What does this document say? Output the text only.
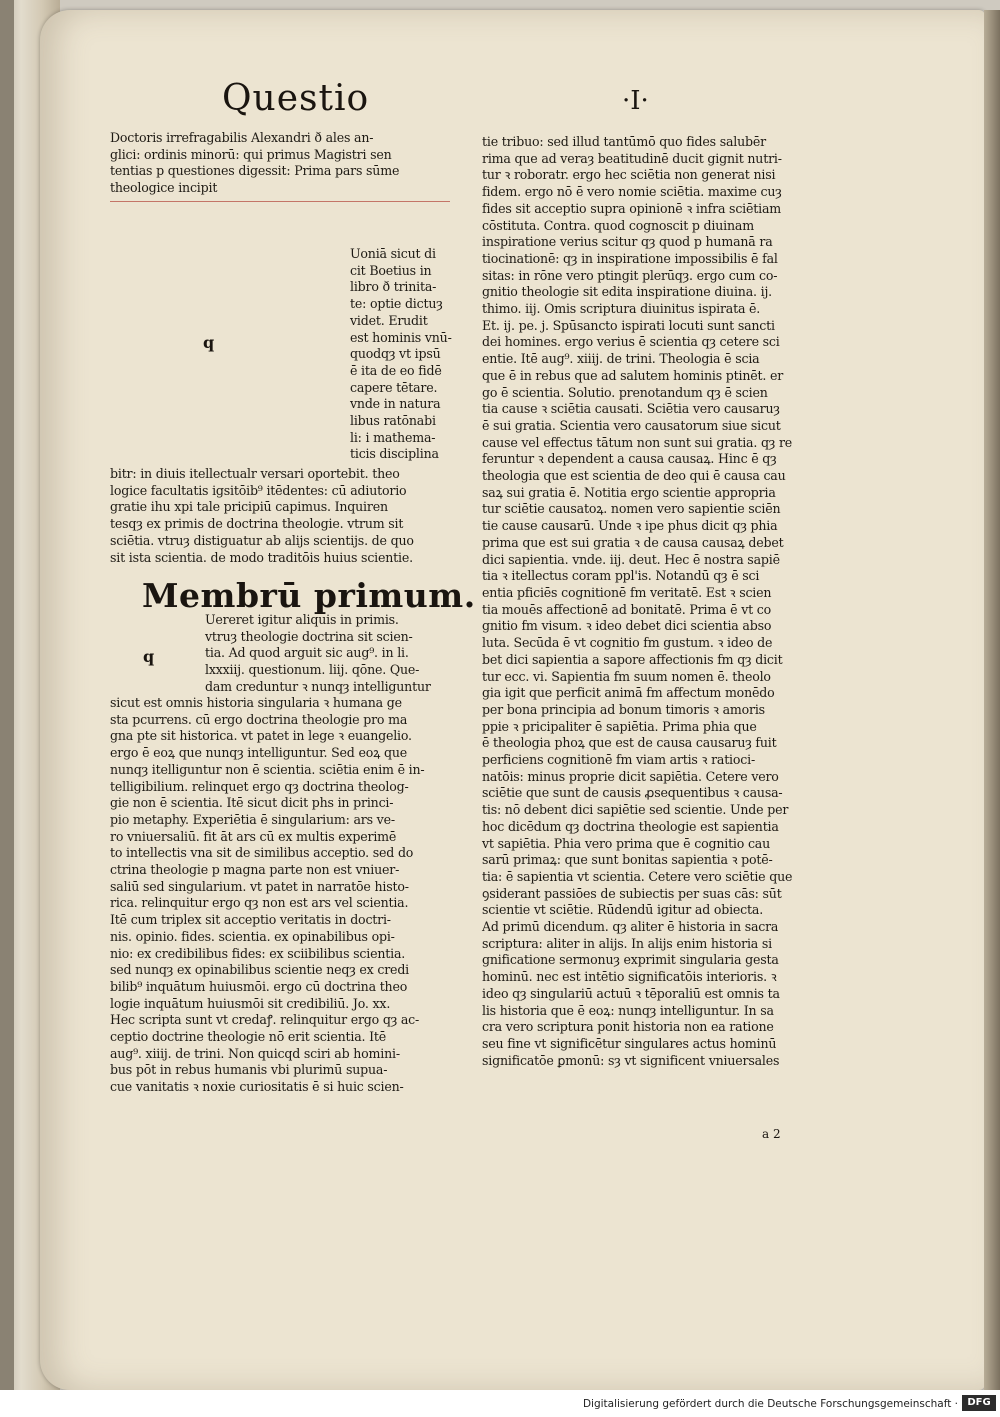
Questio	·I·
Doctoris irrefragabilis Alexandri ð ales an-
glici: ordinis minorū: qui primus Magistri sen
tentias p questiones digessit: Prima pars sūme
theologice incipit
q
Uoniā sicut di
cit Boetius in
libro ð trinita-
te: optie dictuȝ
videt. Erudit
est hominis vnū-
quodqȝ vt ipsū
ē ita de eo fidē
capere tētare.
vnde in natura
libus ratōnabi
li: i mathema-
ticis disciplina
bitr: in diuis itellectualr versari oportebit. theo
logice facultatis igsitōib⁹ itēdentes: cū adiutorio
gratie ihu xpi tale pricipiū capimus. Inquiren
tesqȝ ex primis de doctrina theologie. vtrum sit
sciētia. vtruȝ distiguatur ab alijs scientijs. de quo
sit ista scientia. de modo traditōis huius scientie.
Membrū primum.
q
Uereret igitur aliquis in primis.
vtruȝ theologie doctrina sit scien-
tia. Ad quod arguit sic aug⁹. in li.
lxxxiij. questionum. liij. qōne. Que-
dam creduntur ꝛ nunqȝ intelliguntur
sicut est omnis historia singularia ꝛ humana ge
sta pcurrens. cū ergo doctrina theologie pro ma
gna pte sit historica. vt patet in lege ꝛ euangelio.
ergo ē eoꝝ que nunqȝ intelliguntur. Sed eoꝝ que
nunqȝ itelliguntur non ē scientia. sciētia enim ē in-
telligibilium. relinquet ergo qȝ doctrina theolog-
gie non ē scientia. Itē sicut dicit phs in princi-
pio metaphy. Experiētia ē singularium: ars ve-
ro vniuersaliū. fit āt ars cū ex multis experimē
to intellectis vna sit de similibus acceptio. sed do
ctrina theologie p magna parte non est vniuer-
saliū sed singularium. vt patet in narratōe histo-
rica. relinquitur ergo qȝ non est ars vel scientia.
Itē cum triplex sit acceptio veritatis in doctri-
nis. opinio. fides. scientia. ex opinabilibus opi-
nio: ex credibilibus fides: ex sciibilibus scientia.
sed nunqȝ ex opinabilibus scientie neqȝ ex credi
bilib⁹ inquātum huiusmōi. ergo cū doctrina theo
logie inquātum huiusmōi sit credibiliū. Jo. xx.
Hec scripta sunt vt credaꝭ. relinquitur ergo qȝ ac-
ceptio doctrine theologie nō erit scientia. Itē
aug⁹. xiiij. de trini. Non quicqd sciri ab homini-
bus pōt in rebus humanis vbi plurimū supua-
cue vanitatis ꝛ noxie curiositatis ē si huic scien-
tie tribuo: sed illud tantūmō quo fides salubēr
rima que ad veraȝ beatitudinē ducit gignit nutri-
tur ꝛ roboratr. ergo hec sciētia non generat nisi
fidem. ergo nō ē vero nomie sciētia. maxime cuȝ
fides sit acceptio supra opinionē ꝛ infra sciētiam
cōstituta. Contra. quod cognoscit p diuinam
inspiratione verius scitur qȝ quod p humanā ra
tiocinationē: qȝ in inspiratione impossibilis ē fal
sitas: in rōne vero ptingit plerūqȝ. ergo cum co-
gnitio theologie sit edita inspiratione diuina. ij.
thimo. iij. Omis scriptura diuinitus ispirata ē.
Et. ij. pe. j. Spūsancto ispirati locuti sunt sancti
dei homines. ergo verius ē scientia qȝ cetere sci
entie. Itē aug⁹. xiiij. de trini. Theologia ē scia
que ē in rebus que ad salutem hominis ptinēt. er
go ē scientia. Solutio. prenotandum qȝ ē scien
tia cause ꝛ sciētia causati. Sciētia vero causaruȝ
ē sui gratia. Scientia vero causatorum siue sicut
cause vel effectus tātum non sunt sui gratia. qȝ re
feruntur ꝛ dependent a causa causaꝝ. Hinc ē qȝ
theologia que est scientia de deo qui ē causa cau
saꝝ sui gratia ē. Notitia ergo scientie appropria
tur sciētie causatoꝝ. nomen vero sapientie sciēn
tie cause causarū. Unde ꝛ ipe phus dicit qȝ phia
prima que est sui gratia ꝛ de causa causaꝝ debet
dici sapientia. vnde. iij. deut. Hec ē nostra sapiē
tia ꝛ itellectus coram ppl'is. Notandū qȝ ē sci
entia pficiēs cognitionē fm veritatē. Est ꝛ scien
tia mouēs affectionē ad bonitatē. Prima ē vt co
gnitio fm visum. ꝛ ideo debet dici scientia abso
luta. Secūda ē vt cognitio fm gustum. ꝛ ideo de
bet dici sapientia a sapore affectionis fm qȝ dicit
tur ecc. vi. Sapientia fm suum nomen ē. theolo
gia igit que perficit animā fm affectum monēdo
per bona principia ad bonum timoris ꝛ amoris
ppie ꝛ pricipaliter ē sapiētia. Prima phia que
ē theologia phoꝝ que est de causa causaruȝ fuit
perficiens cognitionē fm viam artis ꝛ ratioci-
natōis: minus proprie dicit sapiētia. Cetere vero
sciētie que sunt de causis ꝓsequentibus ꝛ causa-
tis: nō debent dici sapiētie sed scientie. Unde per
hoc dicēdum qȝ doctrina theologie est sapientia
vt sapiētia. Phia vero prima que ē cognitio cau
sarū primaꝝ: que sunt bonitas sapientia ꝛ potē-
tia: ē sapientia vt scientia. Cetere vero sciētie que
ꝯsiderant passiōes de subiectis per suas cās: sūt
scientie vt sciētie. Rūdendū igitur ad obiecta.
Ad primū dicendum. qȝ aliter ē historia in sacra
scriptura: aliter in alijs. In alijs enim historia si
gnificatione sermonuȝ exprimit singularia gesta
hominū. nec est intētio significatōis interioris. ꝛ
ideo qȝ singulariū actuū ꝛ tēporaliū est omnis ta
lis historia que ē eoꝝ: nunqȝ intelliguntur. In sa
cra vero scriptura ponit historia non ea ratione
seu fine vt significētur singulares actus hominū
significatōe ꝑmonū: sȝ vt significent vniuersales
a 2
Digitalisierung gefördert durch die Deutsche Forschungsgemeinschaft · DFG
